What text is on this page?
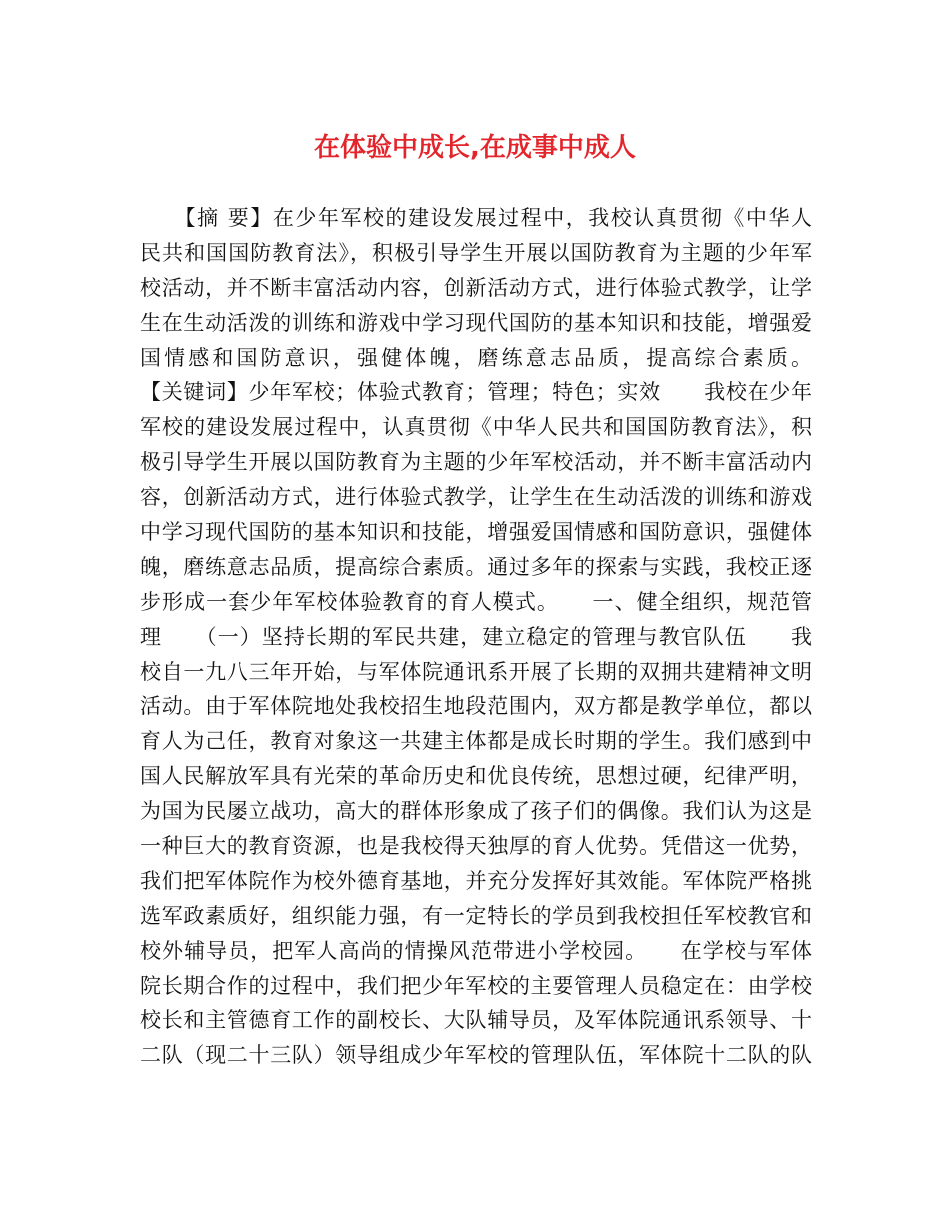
在体验中成长,在成事中成人
　　【摘 要】在少年军校的建设发展过程中，我校认真贯彻《中华人
民共和国国防教育法》，积极引导学生开展以国防教育为主题的少年军
校活动，并不断丰富活动内容，创新活动方式，进行体验式教学，让学
生在生动活泼的训练和游戏中学习现代国防的基本知识和技能，增强爱
国情感和国防意识，强健体魄，磨练意志品质，提高综合素质。
【关键词】少年军校；体验式教育；管理；特色；实效　　我校在少年
军校的建设发展过程中，认真贯彻《中华人民共和国国防教育法》，积
极引导学生开展以国防教育为主题的少年军校活动，并不断丰富活动内
容，创新活动方式，进行体验式教学，让学生在生动活泼的训练和游戏
中学习现代国防的基本知识和技能，增强爱国情感和国防意识，强健体
魄，磨练意志品质，提高综合素质。通过多年的探索与实践，我校正逐
步形成一套少年军校体验教育的育人模式。　　一、健全组织，规范管
理　　（一）坚持长期的军民共建，建立稳定的管理与教官队伍　　我
校自一九八三年开始，与军体院通讯系开展了长期的双拥共建精神文明
活动。由于军体院地处我校招生地段范围内，双方都是教学单位，都以
育人为己任，教育对象这一共建主体都是成长时期的学生。我们感到中
国人民解放军具有光荣的革命历史和优良传统，思想过硬，纪律严明，
为国为民屡立战功，高大的群体形象成了孩子们的偶像。我们认为这是
一种巨大的教育资源，也是我校得天独厚的育人优势。凭借这一优势，
我们把军体院作为校外德育基地，并充分发挥好其效能。军体院严格挑
选军政素质好，组织能力强，有一定特长的学员到我校担任军校教官和
校外辅导员，把军人高尚的情操风范带进小学校园。　　在学校与军体
院长期合作的过程中，我们把少年军校的主要管理人员稳定在：由学校
校长和主管德育工作的副校长、大队辅导员，及军体院通讯系领导、十
二队（现二十三队）领导组成少年军校的管理队伍，军体院十二队的队
